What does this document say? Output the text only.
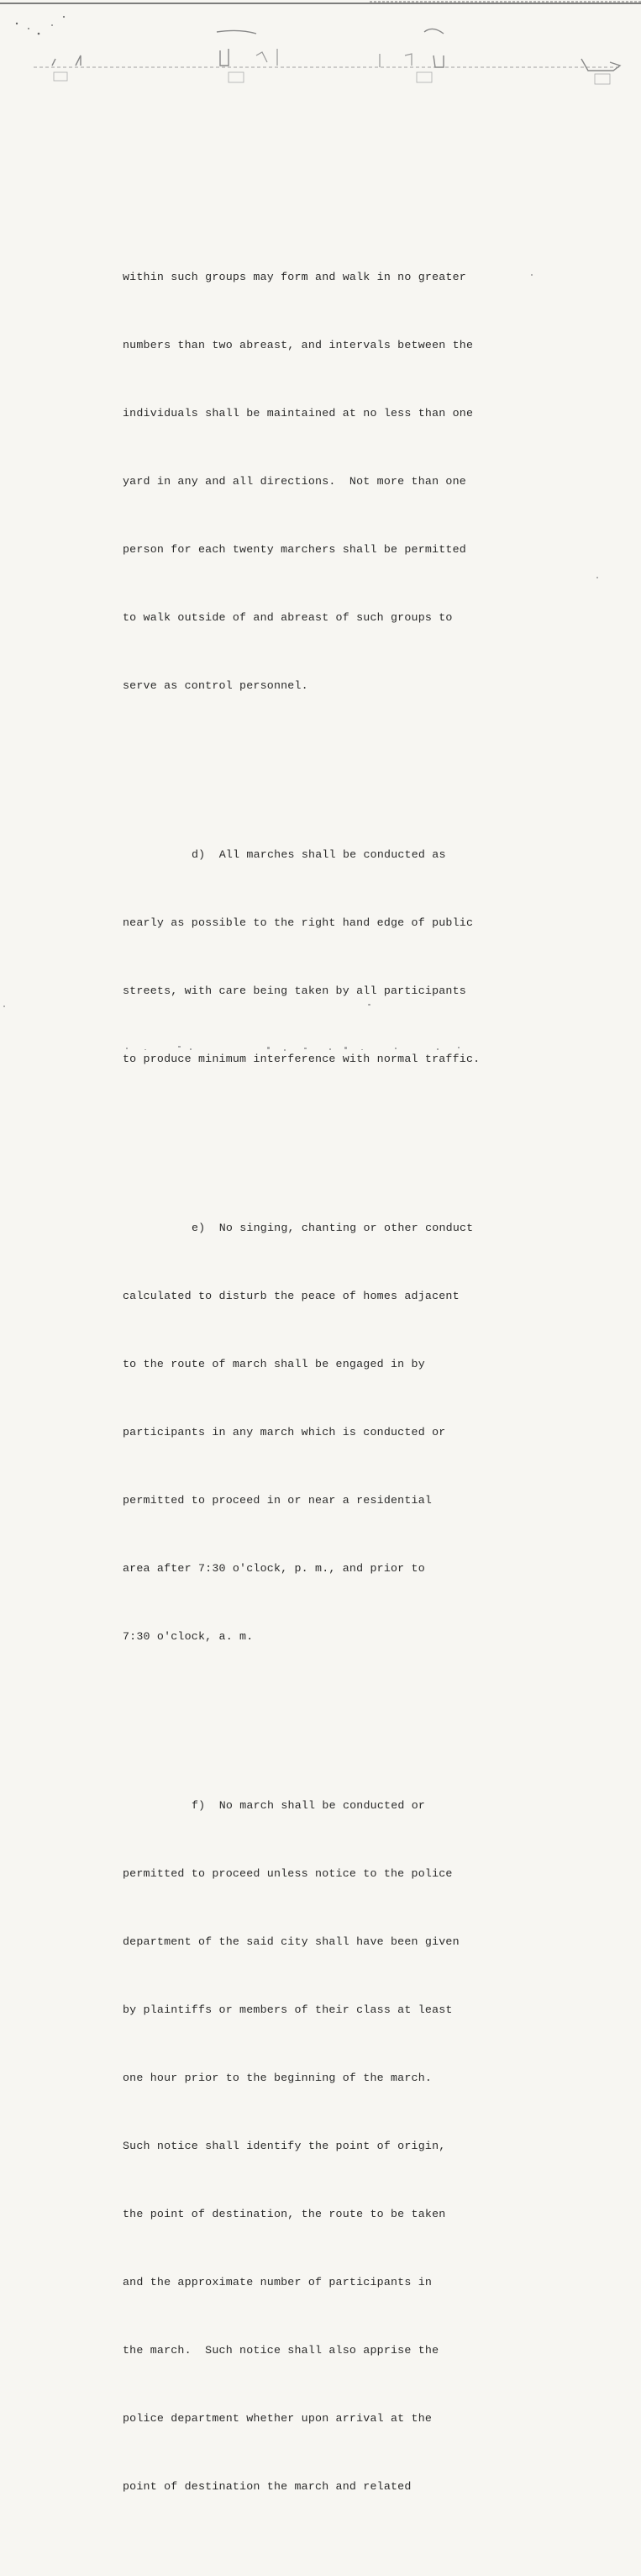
within such groups may form and walk in no greater

numbers than two abreast, and intervals between the

individuals shall be maintained at no less than one

yard in any and all directions.  Not more than one

person for each twenty marchers shall be permitted

to walk outside of and abreast of such groups to

serve as control personnel.

d)  All marches shall be conducted as

nearly as possible to the right hand edge of public

streets, with care being taken by all participants

to produce minimum interference with normal traffic.

e)  No singing, chanting or other conduct

calculated to disturb the peace of homes adjacent

to the route of march shall be engaged in by

participants in any march which is conducted or

permitted to proceed in or near a residential

area after 7:30 o'clock, p. m., and prior to

7:30 o'clock, a. m.

f)  No march shall be conducted or

permitted to proceed unless notice to the police

department of the said city shall have been given

by plaintiffs or members of their class at least

one hour prior to the beginning of the march.

Such notice shall identify the point of origin,

the point of destination, the route to be taken

and the approximate number of participants in

the march.  Such notice shall also apprise the

police department whether upon arrival at the

point of destination the march and related
